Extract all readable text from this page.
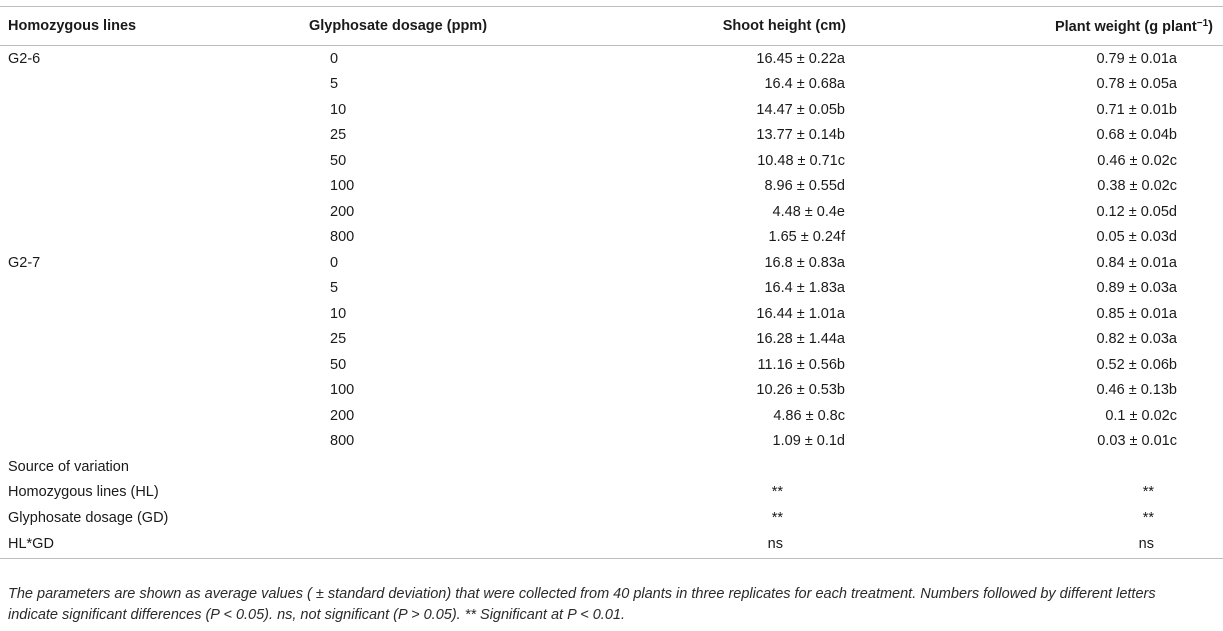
Homozygous lines	Glyphosate dosage (ppm)	Shoot height (cm)	Plant weight (g plant$^{-1}$)
G2-6	0	16.45 ± 0.22a	0.79 ± 0.01a
	5	16.4 ± 0.68a	0.78 ± 0.05a
	10	14.47 ± 0.05b	0.71 ± 0.01b
	25	13.77 ± 0.14b	0.68 ± 0.04b
	50	10.48 ± 0.71c	0.46 ± 0.02c
	100	8.96 ± 0.55d	0.38 ± 0.02c
	200	4.48 ± 0.4e	0.12 ± 0.05d
	800	1.65 ± 0.24f	0.05 ± 0.03d
G2-7	0	16.8 ± 0.83a	0.84 ± 0.01a
	5	16.4 ± 1.83a	0.89 ± 0.03a
	10	16.44 ± 1.01a	0.85 ± 0.01a
	25	16.28 ± 1.44a	0.82 ± 0.03a
	50	11.16 ± 0.56b	0.52 ± 0.06b
	100	10.26 ± 0.53b	0.46 ± 0.13b
	200	4.86 ± 0.8c	0.1 ± 0.02c
	800	1.09 ± 0.1d	0.03 ± 0.01c
Source of variation			
Homozygous lines (HL)		**	**
Glyphosate dosage (GD)		**	**
HL*GD		ns	ns
The parameters are shown as average values ( ± standard deviation) that were collected from 40 plants in three replicates for each treatment. Numbers followed by different letters indicate significant differences (P < 0.05). ns, not significant (P > 0.05). ** Significant at P < 0.01.
